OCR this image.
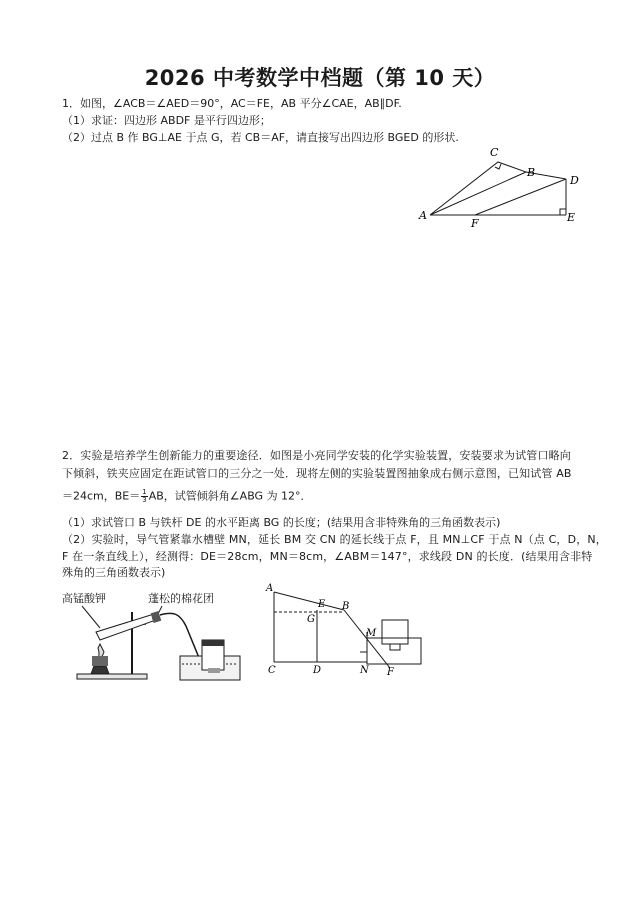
2026 中考数学中档题（第 10 天）
1．如图，∠ACB＝∠AED＝90°，AC＝FE，AB 平分∠CAE，AB∥DF.
（1）求证：四边形 ABDF 是平行四边形；
（2）过点 B 作 BG⊥AE 于点 G，若 CB＝AF，请直接写出四边形 BGED 的形状.
C
B
D
A
F	E
2．实验是培养学生创新能力的重要途径．如图是小亮同学安装的化学实验装置，安装要求为试管口略向
下倾斜，铁夹应固定在距试管口的三分之一处．现将左侧的实验装置图抽象成右侧示意图，已知试管 AB
＝24cm，$BE= \frac{1}{3}$ AB，试管倾斜角∠ABG 为 12°．
（1）求试管口 B 与铁杆 DE 的水平距离 BG 的长度；(结果用含非特殊角的三角函数表示)
（2）实验时，导气管紧靠水槽壁 MN，延长 BM 交 CN 的延长线于点 F，且 MN⊥CF 于点 N（点 C，D，N，
F 在一条直线上），经测得：DE＝28cm，MN＝8cm，∠ABM＝147°，求线段 DN 的长度．(结果用含非特
殊角的三角函数表示)
高锰酸钾	蓬松的棉花团
A
E B
G
M
C	D	N F
